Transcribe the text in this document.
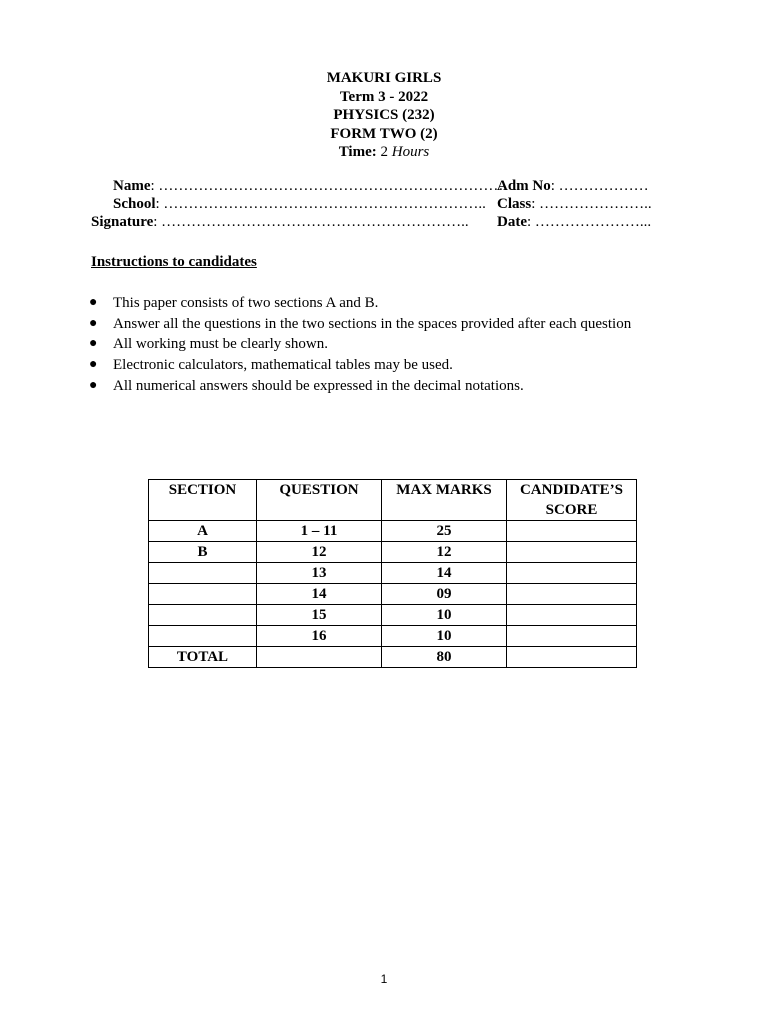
MAKURI GIRLS
Term 3 - 2022
PHYSICS (232)
FORM TWO (2)
Time: 2 Hours
Name: ……………………………………………………………
Adm No: ………………
School: ……………………………………………………….. Class: …………………..
Signature: …………………………………………………….. Date: …………………...
Instructions to candidates
● This paper consists of two sections A and B.
● Answer all the questions in the two sections in the spaces provided after each question
● All working must be clearly shown.
● Electronic calculators, mathematical tables may be used.
● All numerical answers should be expressed in the decimal notations.
SECTION	QUESTION	MAX MARKS	CANDIDATE’S SCORE
A	1 – 11	25	
B	12	12	
	13	14	
	14	09	
	15	10	
	16	10	
TOTAL		80	
1
